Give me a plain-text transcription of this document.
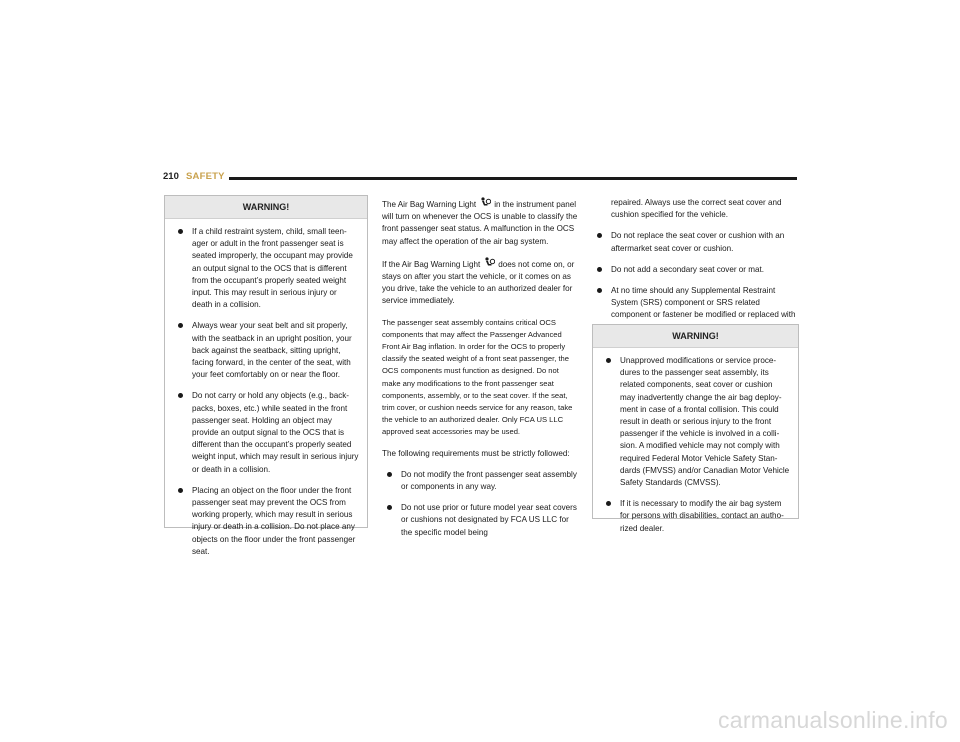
210 SAFETY
WARNING!
If a child restraint system, child, small teen-ager or adult in the front passenger seat is seated improperly, the occupant may provide an output signal to the OCS that is different from the occupant’s properly seated weight input. This may result in serious injury or death in a collision.
Always wear your seat belt and sit properly, with the seatback in an upright position, your back against the seatback, sitting upright, facing forward, in the center of the seat, with your feet comfortably on or near the floor.
Do not carry or hold any objects (e.g., back-packs, boxes, etc.) while seated in the front passenger seat. Holding an object may provide an output signal to the OCS that is different than the occupant’s properly seated weight input, which may result in serious injury or death in a collision.
Placing an object on the floor under the front passenger seat may prevent the OCS from working properly, which may result in serious injury or death in a collision. Do not place any objects on the floor under the front passenger seat.

The Air Bag Warning Light in the instrument panel will turn on whenever the OCS is unable to classify the front passenger seat status. A malfunction in the OCS may affect the operation of the air bag system.

If the Air Bag Warning Light does not come on, or stays on after you start the vehicle, or it comes on as you drive, take the vehicle to an authorized dealer for service immediately.

The passenger seat assembly contains critical OCS components that may affect the Passenger Advanced Front Air Bag inflation. In order for the OCS to properly classify the seated weight of a front seat passenger, the OCS components must function as designed. Do not make any modifications to the front passenger seat components, assembly, or to the seat cover. If the seat, trim cover, or cushion needs service for any reason, take the vehicle to an authorized dealer. Only FCA US LLC approved seat accessories may be used.

The following requirements must be strictly followed:

Do not modify the front passenger seat assembly or components in any way.
Do not use prior or future model year seat covers or cushions not designated by FCA US LLC for the specific model being

repaired. Always use the correct seat cover and cushion specified for the vehicle.

Do not replace the seat cover or cushion with an aftermarket seat cover or cushion.
Do not add a secondary seat cover or mat.
At no time should any Supplemental Restraint System (SRS) component or SRS related component or fastener be modified or replaced with
WARNING!
Unapproved modifications or service proce-dures to the passenger seat assembly, its related components, seat cover or cushion may inadvertently change the air bag deploy-ment in case of a frontal collision. This could result in death or serious injury to the front passenger if the vehicle is involved in a colli-sion. A modified vehicle may not comply with required Federal Motor Vehicle Safety Stan-dards (FMVSS) and/or Canadian Motor Vehicle Safety Standards (CMVSS).
If it is necessary to modify the air bag system for persons with disabilities, contact an autho-rized dealer.
carmanualsonline.info
